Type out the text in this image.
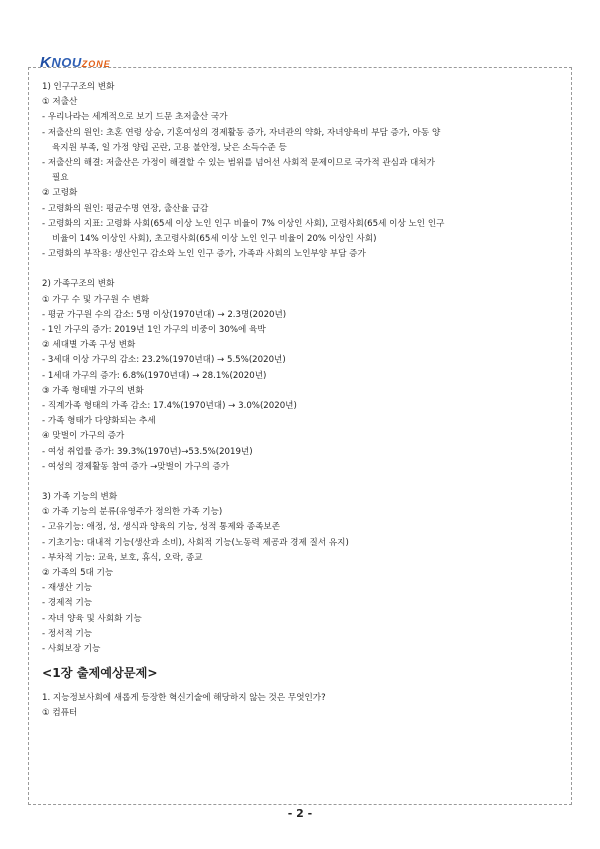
KNOUZONE
1) 인구구조의 변화
① 저출산
- 우리나라는 세계적으로 보기 드문 초저출산 국가
- 저출산의 원인: 초혼 연령 상승, 기혼여성의 경제활동 증가, 자녀관의 약화, 자녀양육비 부담 증가, 아동 양
육지원 부족, 일 가정 양립 곤란, 고용 불안정, 낮은 소득수준 등
- 저출산의 해결: 저출산은 가정이 해결할 수 있는 범위를 넘어선 사회적 문제이므로 국가적 관심과 대처가
필요
② 고령화
- 고령화의 원인: 평균수명 연장, 출산율 급감
- 고령화의 지표: 고령화 사회(65세 이상 노인 인구 비율이 7% 이상인 사회), 고령사회(65세 이상 노인 인구
비율이 14% 이상인 사회), 초고령사회(65세 이상 노인 인구 비율이 20% 이상인 사회)
- 고령화의 부작용: 생산인구 감소와 노인 인구 증가, 가족과 사회의 노인부양 부담 증가
2) 가족구조의 변화
① 가구 수 및 가구원 수 변화
- 평균 가구원 수의 감소: 5명 이상(1970년대) → 2.3명(2020년)
- 1인 가구의 증가: 2019년 1인 가구의 비중이 30%에 육박
② 세대별 가족 구성 변화
- 3세대 이상 가구의 감소: 23.2%(1970년대) → 5.5%(2020년)
- 1세대 가구의 증가: 6.8%(1970년대) → 28.1%(2020년)
③ 가족 형태별 가구의 변화
- 직계가족 형태의 가족 감소: 17.4%(1970년대) → 3.0%(2020년)
- 가족 형태가 다양화되는 추세
④ 맞벌이 가구의 증가
- 여성 취업률 증가: 39.3%(1970년)→53.5%(2019년)
- 여성의 경제활동 참여 증가 →맞벌이 가구의 증가
3) 가족 기능의 변화
① 가족 기능의 분류(유영주가 정의한 가족 기능)
- 고유기능: 애정, 성, 생식과 양육의 기능, 성적 통제와 종족보존
- 기초기능: 대내적 기능(생산과 소비), 사회적 기능(노동력 제공과 경제 질서 유지)
- 부차적 기능: 교육, 보호, 휴식, 오락, 종교
② 가족의 5대 기능
- 재생산 기능
- 경제적 기능
- 자녀 양육 및 사회화 기능
- 정서적 기능
- 사회보장 기능
<1장 출제예상문제>
1. 지능정보사회에 새롭게 등장한 혁신기술에 해당하지 않는 것은 무엇인가?
① 컴퓨터
- 2 -
